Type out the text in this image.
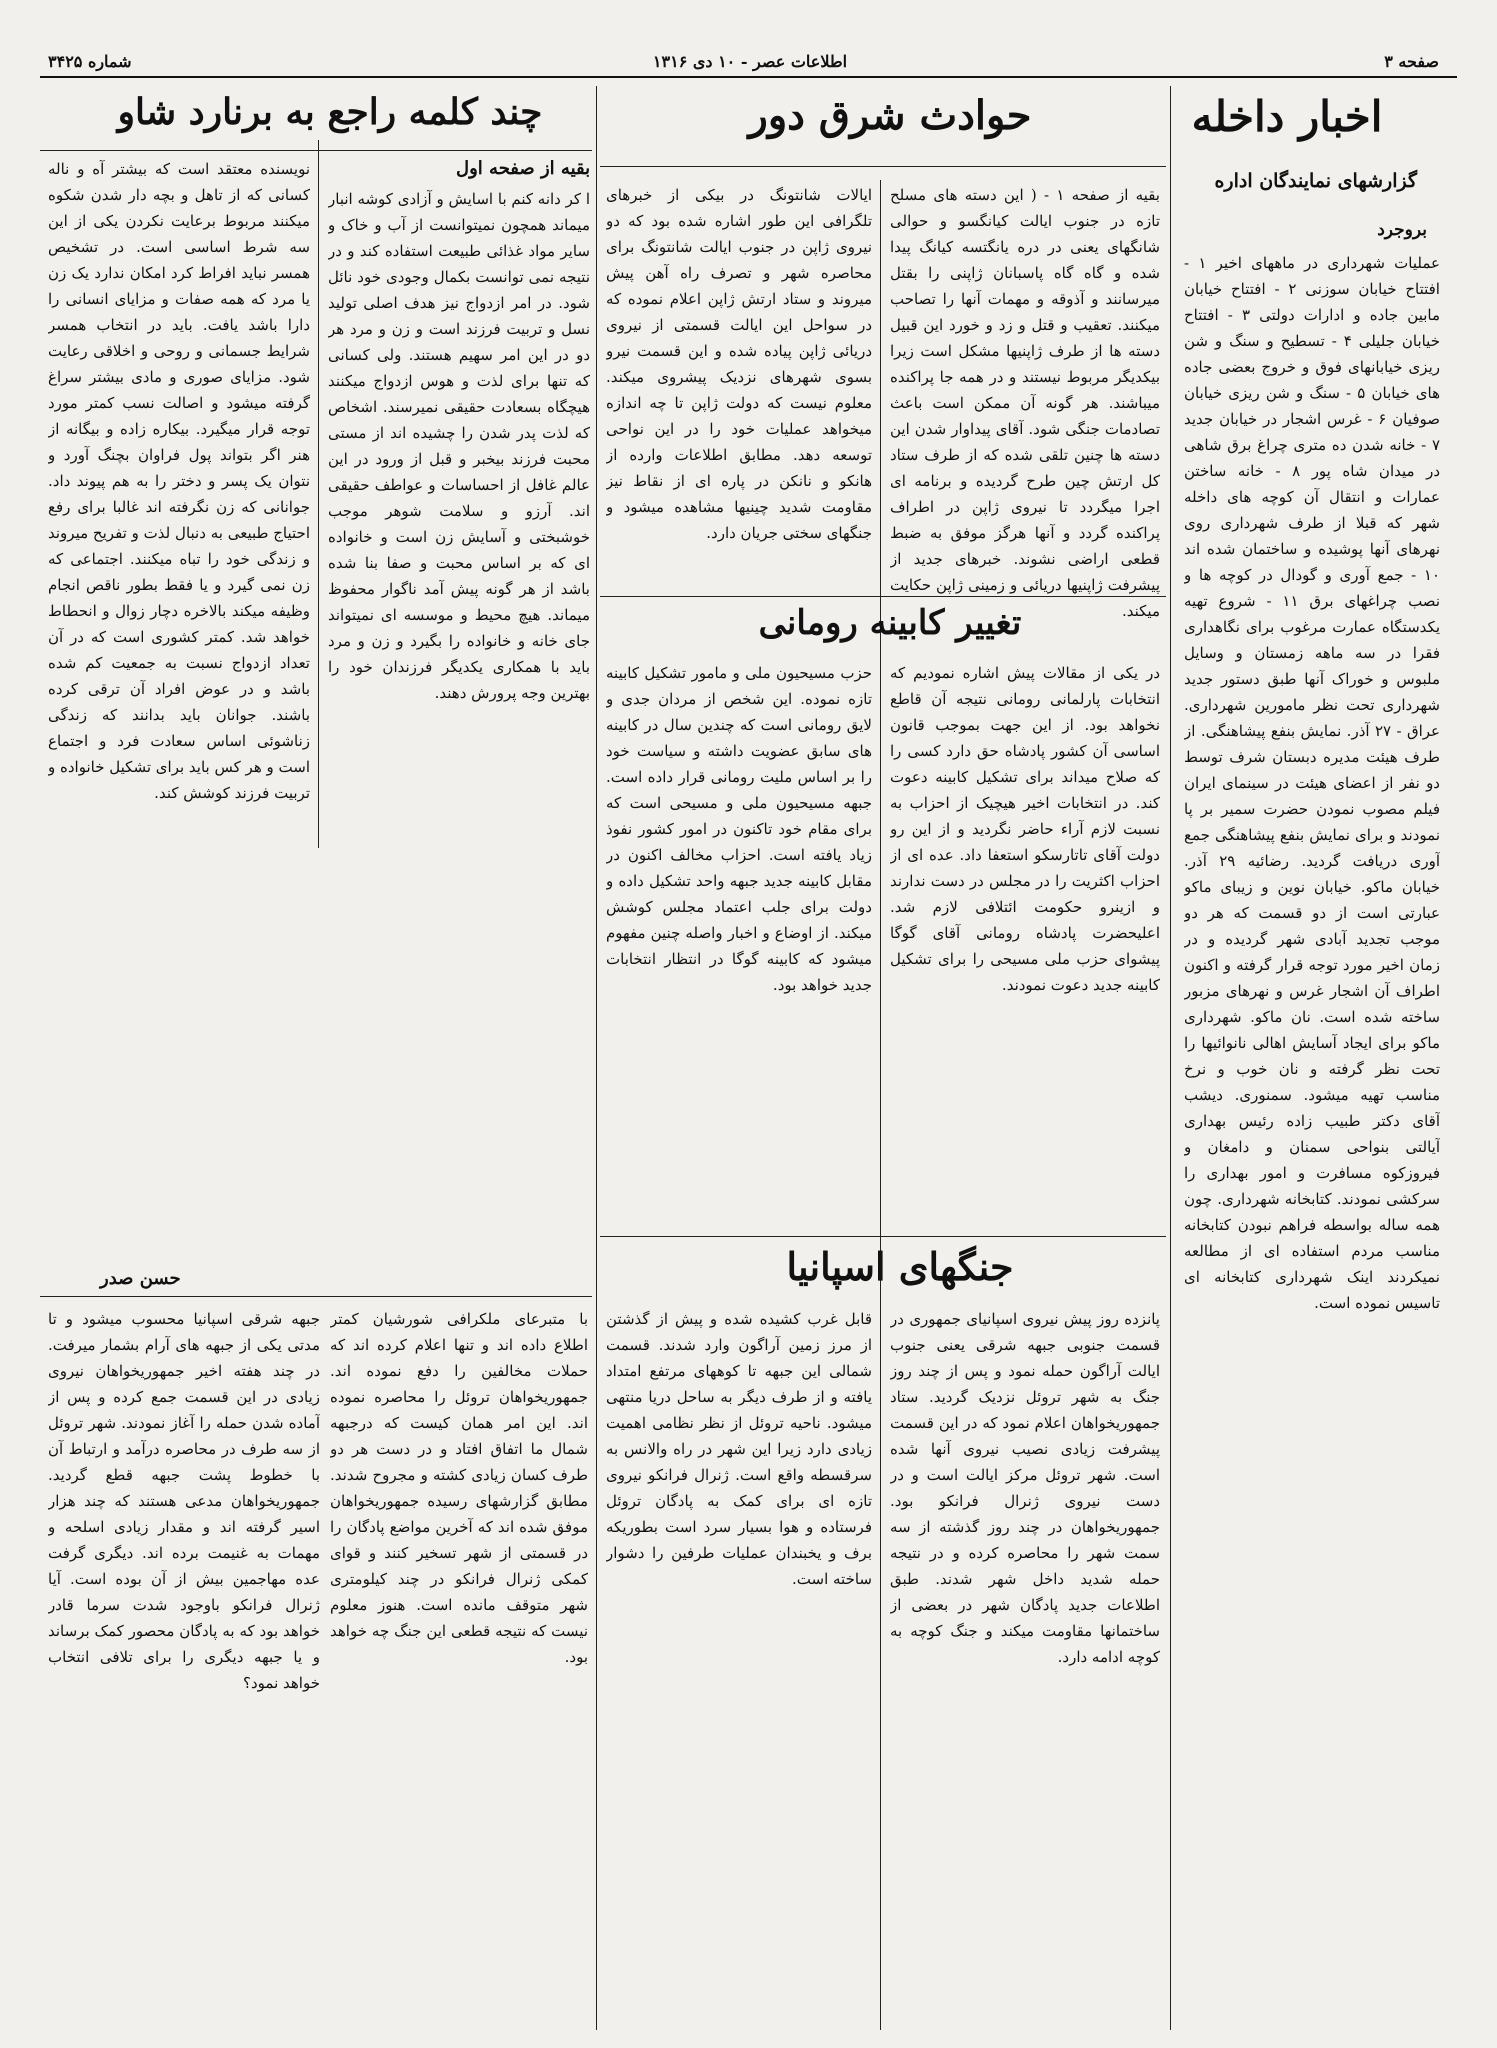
صفحه ۳
اطلاعات عصر - ۱۰ دی ۱۳۱۶
شماره ۳۴۲۵
اخبار داخله
گزارشهای نمایندگان اداره
بروجرد

عملیات شهرداری در ماههای اخیر ۱ - افتتاح خیابان سوزنی ۲ - افتتاح خیابان مابین جاده و ادارات دولتی ۳ - افتتاح خیابان جلیلی ۴ - تسطیح و سنگ و شن ریزی خیابانهای فوق و خروج بعضی جاده های خیابان ۵ - سنگ و شن ریزی خیابان صوفیان ۶ - غرس اشجار در خیابان جدید ۷ - خانه شدن ده متری چراغ برق شاهی در میدان شاه پور ۸ - خانه ساختن عمارات و انتقال آن کوچه های داخله شهر که قبلا از طرف شهرداری روی نهرهای آنها پوشیده و ساختمان شده اند ۱۰ - جمع آوری و گودال در کوچه ها و نصب چراغهای برق ۱۱ - شروع تهیه یکدستگاه عمارت مرغوب برای نگاهداری فقرا در سه ماهه زمستان و وسایل ملبوس و خوراک آنها طبق دستور جدید شهرداری تحت نظر مامورین شهرداری. عراق - ۲۷ آذر. نمایش بنفع پیشاهنگی. از طرف هیئت مدیره دبستان شرف توسط دو نفر از اعضای هیئت در سینمای ایران فیلم مصوب نمودن حضرت سمیر بر پا نمودند و برای نمایش بنفع پیشاهنگی جمع آوری دریافت گردید. رضائیه ۲۹ آذر. خیابان ماکو. خیابان نوین و زیبای ماکو عبارتی است از دو قسمت که هر دو موجب تجدید آبادی شهر گردیده و در زمان اخیر مورد توجه قرار گرفته و اکنون اطراف آن اشجار غرس و نهرهای مزبور ساخته شده است. نان ماکو. شهرداری ماکو برای ایجاد آسایش اهالی نانوائیها را تحت نظر گرفته و نان خوب و نرخ مناسب تهیه میشود. سمنوری. دیشب آقای دکتر طبیب زاده رئیس بهداری آیالتی بنواحی سمنان و دامغان و فیروزکوه مسافرت و امور بهداری را سرکشی نمودند. کتابخانه شهرداری. چون همه ساله بواسطه فراهم نبودن کتابخانه مناسب مردم استفاده ای از مطالعه نمیکردند اینک شهرداری کتابخانه ای تاسیس نموده است.

حوادث شرق دور

بقیه از صفحه ۱ - ( این دسته های مسلح تازه در جنوب ایالت کیانگسو و حوالی شانگهای یعنی در دره یانگتسه کیانگ پیدا شده و گاه گاه پاسبانان ژاپنی را بقتل میرسانند و آذوقه و مهمات آنها را تصاحب میکنند. تعقیب و قتل و زد و خورد این قبیل دسته ها از طرف ژاپنیها مشکل است زیرا بیکدیگر مربوط نیستند و در همه جا پراکنده میباشند. هر گونه آن ممکن است باعث تصادمات جنگی شود. آقای پیداوار شدن این دسته ها چنین تلقی شده که از طرف ستاد کل ارتش چین طرح گردیده و برنامه ای اجرا میگردد تا نیروی ژاپن در اطراف پراکنده گردد و آنها هرگز موفق به ضبط قطعی اراضی نشوند. خبرهای جدید از پیشرفت ژاپنیها دریائی و زمینی ژاپن حکایت میکند.

ایالات شانتونگ در بیکی از خبرهای تلگرافی این طور اشاره شده بود که دو نیروی ژاپن در جنوب ایالت شانتونگ برای محاصره شهر و تصرف راه آهن پیش میروند و ستاد ارتش ژاپن اعلام نموده که در سواحل این ایالت قسمتی از نیروی دریائی ژاپن پیاده شده و این قسمت نیرو بسوی شهرهای نزدیک پیشروی میکند. معلوم نیست که دولت ژاپن تا چه اندازه میخواهد عملیات خود را در این نواحی توسعه دهد. مطابق اطلاعات وارده از هانکو و نانکن در پاره ای از نقاط نیز مقاومت شدید چینیها مشاهده میشود و جنگهای سختی جریان دارد.

تغییر کابینه رومانی

در یکی از مقالات پیش اشاره نمودیم که انتخابات پارلمانی رومانی نتیجه آن قاطع نخواهد بود. از این جهت بموجب قانون اساسی آن کشور پادشاه حق دارد کسی را که صلاح میداند برای تشکیل کابینه دعوت کند. در انتخابات اخیر هیچیک از احزاب به نسبت لازم آراء حاضر نگردید و از این رو دولت آقای تاتارسکو استعفا داد. عده ای از احزاب اکثریت را در مجلس در دست ندارند و ازینرو حکومت ائتلافی لازم شد. اعلیحضرت پادشاه رومانی آقای گوگا پیشوای حزب ملی مسیحی را برای تشکیل کابینه جدید دعوت نمودند.

حزب مسیحیون ملی و مامور تشکیل کابینه تازه نموده. این شخص از مردان جدی و لایق رومانی است که چندین سال در کابینه های سابق عضویت داشته و سیاست خود را بر اساس ملیت رومانی قرار داده است. جبهه مسیحیون ملی و مسیحی است که برای مقام خود تاکنون در امور کشور نفوذ زیاد یافته است. احزاب مخالف اکنون در مقابل کابینه جدید جبهه واحد تشکیل داده و دولت برای جلب اعتماد مجلس کوشش میکند. از اوضاع و اخبار واصله چنین مفهوم میشود که کابینه گوگا در انتظار انتخابات جدید خواهد بود.

جنگهای اسپانیا

پانزده روز پیش نیروی اسپانیای جمهوری در قسمت جنوبی جبهه شرقی یعنی جنوب ایالت آراگون حمله نمود و پس از چند روز جنگ به شهر تروئل نزدیک گردید. ستاد جمهوریخواهان اعلام نمود که در این قسمت پیشرفت زیادی نصیب نیروی آنها شده است. شهر تروئل مرکز ایالت است و در دست نیروی ژنرال فرانکو بود. جمهوریخواهان در چند روز گذشته از سه سمت شهر را محاصره کرده و در نتیجه حمله شدید داخل شهر شدند. طبق اطلاعات جدید پادگان شهر در بعضی از ساختمانها مقاومت میکند و جنگ کوچه به کوچه ادامه دارد.

قابل غرب کشیده شده و پیش از گذشتن از مرز زمین آراگون وارد شدند. قسمت شمالی این جبهه تا کوههای مرتفع امتداد یافته و از طرف دیگر به ساحل دریا منتهی میشود. ناحیه تروئل از نظر نظامی اهمیت زیادی دارد زیرا این شهر در راه والانس به سرقسطه واقع است. ژنرال فرانکو نیروی تازه ای برای کمک به پادگان تروئل فرستاده و هوا بسیار سرد است بطوریکه برف و یخبندان عملیات طرفین را دشوار ساخته است.

با متبرعای ملکرافی شورشیان کمتر اطلاع داده اند و تنها اعلام کرده اند که حملات مخالفین را دفع نموده اند. جمهوریخواهان تروئل را محاصره نموده اند. این امر همان کیست که درجبهه شمال ما اتفاق افتاد و در دست هر دو طرف کسان زیادی کشته و مجروح شدند. مطابق گزارشهای رسیده جمهوریخواهان موفق شده اند که آخرین مواضع پادگان را در قسمتی از شهر تسخیر کنند و قوای کمکی ژنرال فرانکو در چند کیلومتری شهر متوقف مانده است. هنوز معلوم نیست که نتیجه قطعی این جنگ چه خواهد بود.

جبهه شرقی اسپانیا محسوب میشود و تا مدتی یکی از جبهه های آرام بشمار میرفت. در چند هفته اخیر جمهوریخواهان نیروی زیادی در این قسمت جمع کرده و پس از آماده شدن حمله را آغاز نمودند. شهر تروئل از سه طرف در محاصره درآمد و ارتباط آن با خطوط پشت جبهه قطع گردید. جمهوریخواهان مدعی هستند که چند هزار اسیر گرفته اند و مقدار زیادی اسلحه و مهمات به غنیمت برده اند. دیگری گرفت عده مهاجمین بیش از آن بوده است. آیا ژنرال فرانکو باوجود شدت سرما قادر خواهد بود که به پادگان محصور کمک برساند و یا جبهه دیگری را برای تلافی انتخاب خواهد نمود؟

چند کلمه راجع به برنارد شاو
بقیه از صفحه اول

ا کر دانه کنم با اسایش و آزادی کوشه انبار میماند همچون نمیتوانست از آب و خاک و سایر مواد غذائی طبیعت استفاده کند و در نتیجه نمی توانست بکمال وجودی خود نائل شود. در امر ازدواج نیز هدف اصلی تولید نسل و تربیت فرزند است و زن و مرد هر دو در این امر سهیم هستند. ولی کسانی که تنها برای لذت و هوس ازدواج میکنند هیچگاه بسعادت حقیقی نمیرسند. اشخاص که لذت پدر شدن را چشیده اند از مستی محبت فرزند بیخبر و قبل از ورود در این عالم غافل از احساسات و عواطف حقیقی اند. آرزو و سلامت شوهر موجب خوشبختی و آسایش زن است و خانواده ای که بر اساس محبت و صفا بنا شده باشد از هر گونه پیش آمد ناگوار محفوظ میماند. هیچ محیط و موسسه ای نمیتواند جای خانه و خانواده را بگیرد و زن و مرد باید با همکاری یکدیگر فرزندان خود را بهترین وجه پرورش دهند.

نویسنده معتقد است که بیشتر آه و ناله کسانی که از تاهل و بچه دار شدن شکوه میکنند مربوط برعایت نکردن یکی از این سه شرط اساسی است. در تشخیص همسر نباید افراط کرد امکان ندارد یک زن یا مرد که همه صفات و مزایای انسانی را دارا باشد یافت. باید در انتخاب همسر شرایط جسمانی و روحی و اخلاقی رعایت شود. مزایای صوری و مادی بیشتر سراغ گرفته میشود و اصالت نسب کمتر مورد توجه قرار میگیرد. بیکاره زاده و بیگانه از هنر اگر بتواند پول فراوان بچنگ آورد و نتوان یک پسر و دختر را به هم پیوند داد. جوانانی که زن نگرفته اند غالبا برای رفع احتیاج طبیعی به دنبال لذت و تفریح میروند و زندگی خود را تباه میکنند. اجتماعی که زن نمی گیرد و یا فقط بطور ناقص انجام وظیفه میکند بالاخره دچار زوال و انحطاط خواهد شد. کمتر کشوری است که در آن تعداد ازدواج نسبت به جمعیت کم شده باشد و در عوض افراد آن ترقی کرده باشند. جوانان باید بدانند که زندگی زناشوئی اساس سعادت فرد و اجتماع است و هر کس باید برای تشکیل خانواده و تربیت فرزند کوشش کند.

حسن صدر
